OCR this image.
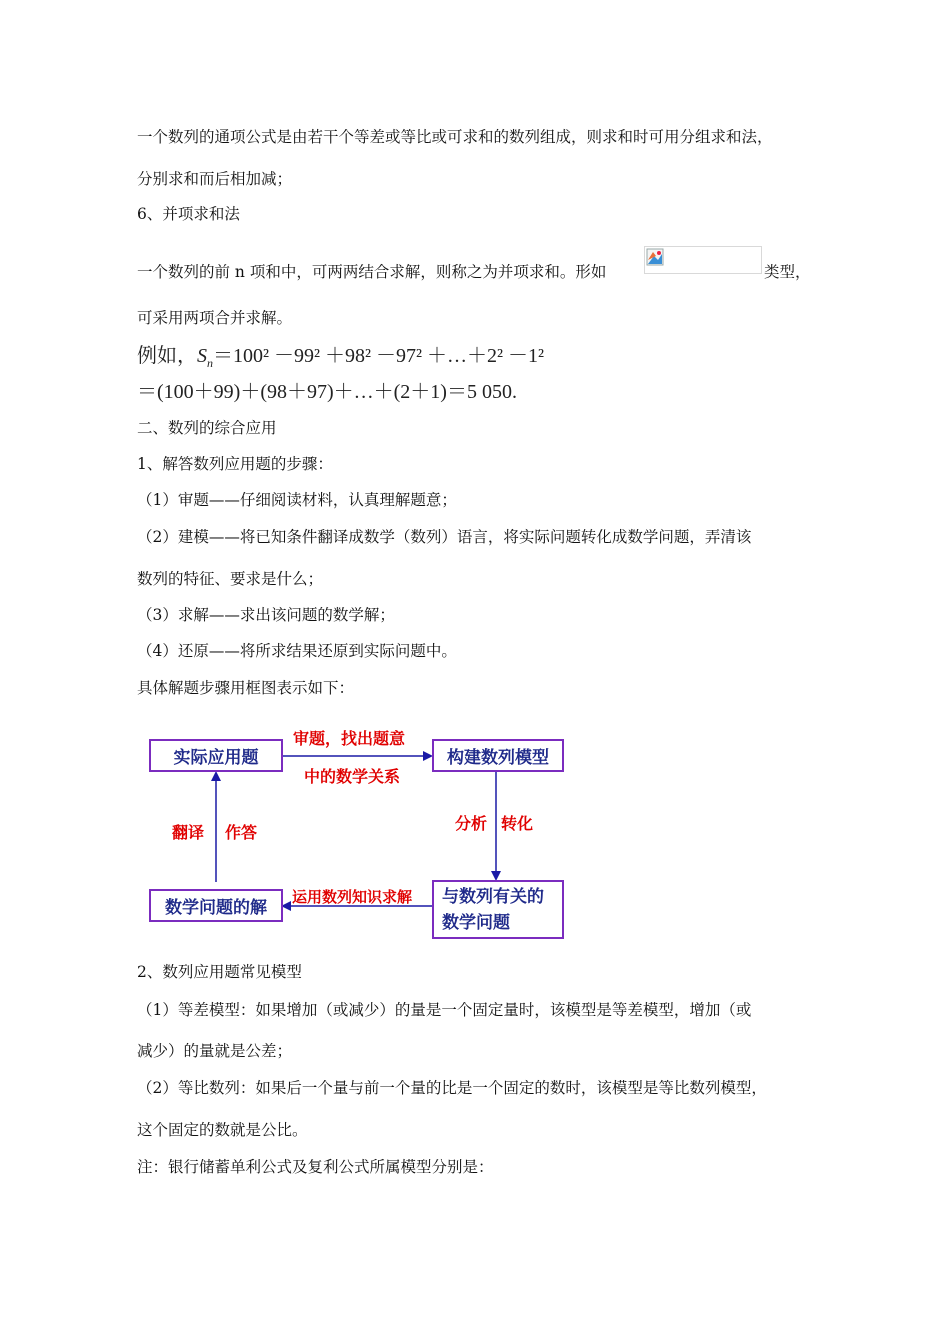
一个数列的通项公式是由若干个等差或等比或可求和的数列组成，则求和时可用分组求和法，
分别求和而后相加减；
6、并项求和法
一个数列的前 n 项和中，可两两结合求解，则称之为并项求和。形如	类型，
可采用两项合并求解。
例如，$S_n=100^2 -99^2 +98^2 -97^2$ ＋…＋2² －1²
＝(100＋99)＋(98＋97)＋…＋(2＋1)＝5 050.
二、数列的综合应用
1、解答数列应用题的步骤：
（1）审题——仔细阅读材料，认真理解题意；
（2）建模——将已知条件翻译成数学（数列）语言，将实际问题转化成数学问题，弄清该
数列的特征、要求是什么；
（3）求解——求出该问题的数学解；
（4）还原——将所求结果还原到实际问题中。
具体解题步骤用框图表示如下：
实际应用题	构建数列模型
数学问题的解
与数列有关的
数学问题
审题，找出题意
中的数学关系
分析 转化
运用数列知识求解
翻译 作答
2、数列应用题常见模型
（1）等差模型：如果增加（或减少）的量是一个固定量时，该模型是等差模型，增加（或
减少）的量就是公差；
（2）等比数列：如果后一个量与前一个量的比是一个固定的数时，该模型是等比数列模型，
这个固定的数就是公比。
注：银行储蓄单利公式及复利公式所属模型分别是：
